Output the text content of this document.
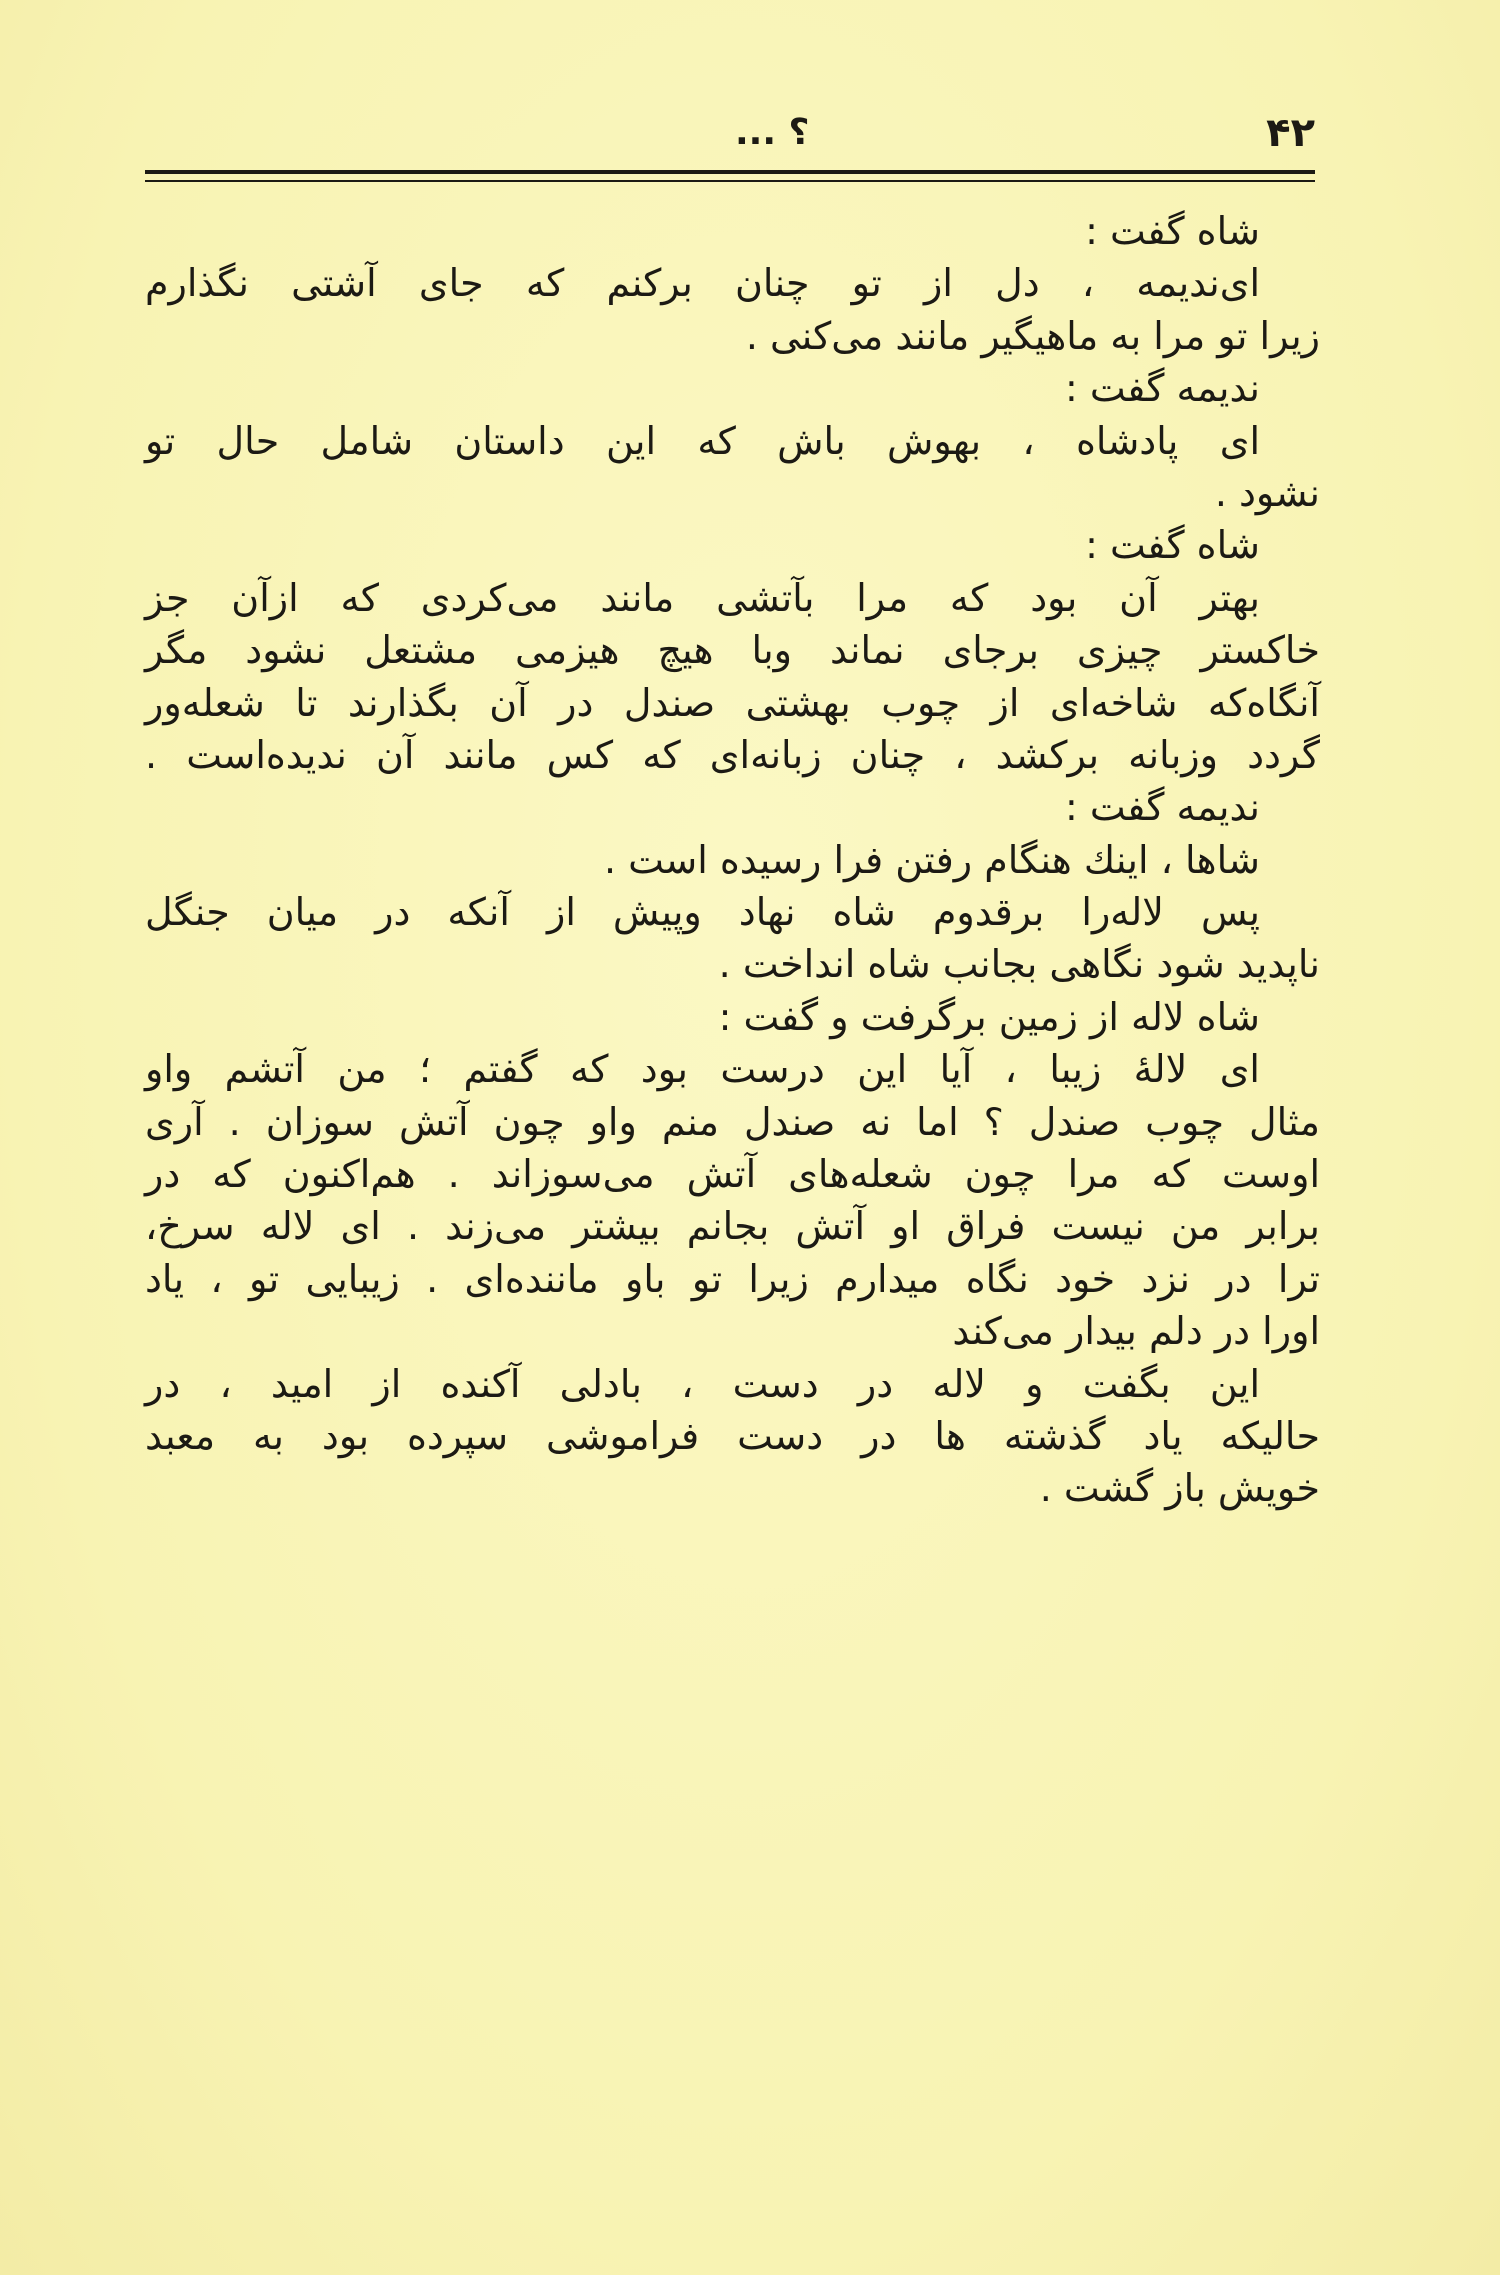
؟ ...	۴۲
شاه گفت :
ای‌ندیمه ، دل از تو چنان برکنم که جای آشتی نگذارم
زیرا تو مرا به ماهیگیر مانند می‌کنی .
ندیمه گفت :
ای پادشاه ، بهوش باش که این داستان شامل حال تو
نشود .
شاه گفت :
بهتر آن بود که مرا بآتشی مانند می‌کردی که ازآن جز
خاکستر چیزی برجای نماند وبا هیچ هیزمی مشتعل نشود مگر
آنگاه‌که شاخه‌ای از چوب بهشتی صندل در آن بگذارند تا شعله‌ور
گردد وزبانه برکشد ، چنان زبانه‌ای که کس مانند آن ندیده‌است .
ندیمه گفت :
شاها ، اینك هنگام رفتن فرا رسیده است .
پس لاله‌را برقدوم شاه نهاد وپیش از آنکه در میان جنگل
ناپدید شود نگاهی بجانب شاه انداخت .
شاه لاله از زمین برگرفت و گفت :
ای لالهٔ زیبا ، آیا این درست بود که گفتم ؛ من آتشم واو
مثال چوب صندل ؟ اما نه صندل منم واو چون آتش سوزان . آری
اوست که مرا چون شعله‌های آتش می‌سوزاند . هم‌اکنون که در
برابر من نیست فراق او آتش بجانم بیشتر می‌زند . ای لاله سرخ،
ترا در نزد خود نگاه میدارم زیرا تو باو ماننده‌ای . زیبایی تو ، یاد
اورا در دلم بیدار می‌کند
این بگفت و لاله در دست ، بادلی آکنده از امید ، در
حالیکه یاد گذشته ها در دست فراموشی سپرده بود به معبد
خویش باز گشت .
